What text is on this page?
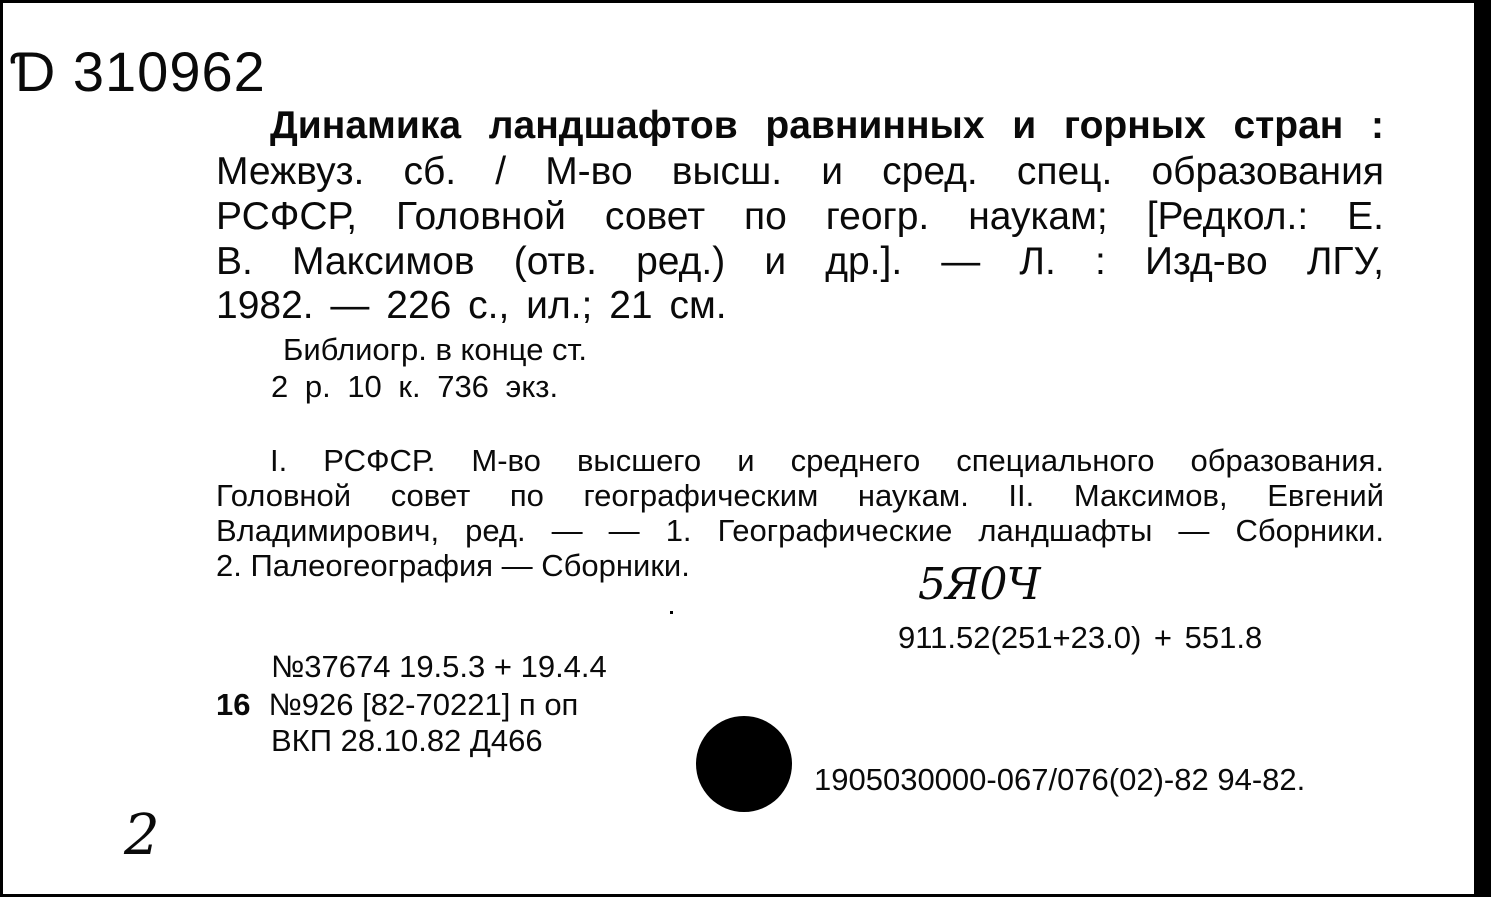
Ɗ 310962
Динамика ландшафтов равнинных и горных стран :
Межвуз. сб. / М-во высш. и сред. спец. образования
РСФСР, Головной совет по геогр. наукам; [Редкол.: Е.
В. Максимов (отв. ред.) и др.]. — Л. : Изд-во ЛГУ,
1982. — 226 с., ил.; 21 см.
Библиогр. в конце ст.
2 р. 10 к. 736 экз.
I. РСФСР. М-во высшего и среднего специального образования.
Головной совет по географическим наукам. II. Максимов, Евгений
Владимирович, ред. — — 1. Географические ландшафты — Сборники.
2. Палеогеография — Сборники.	5Я0Ч
911.52(251+23.0) + 551.8
№37674 19.5.3 + 19.4.4
16 №926 [82-70221] п оп
ВКП 28.10.82 Д466
1905030000-067/076(02)-82 94-82.
2
